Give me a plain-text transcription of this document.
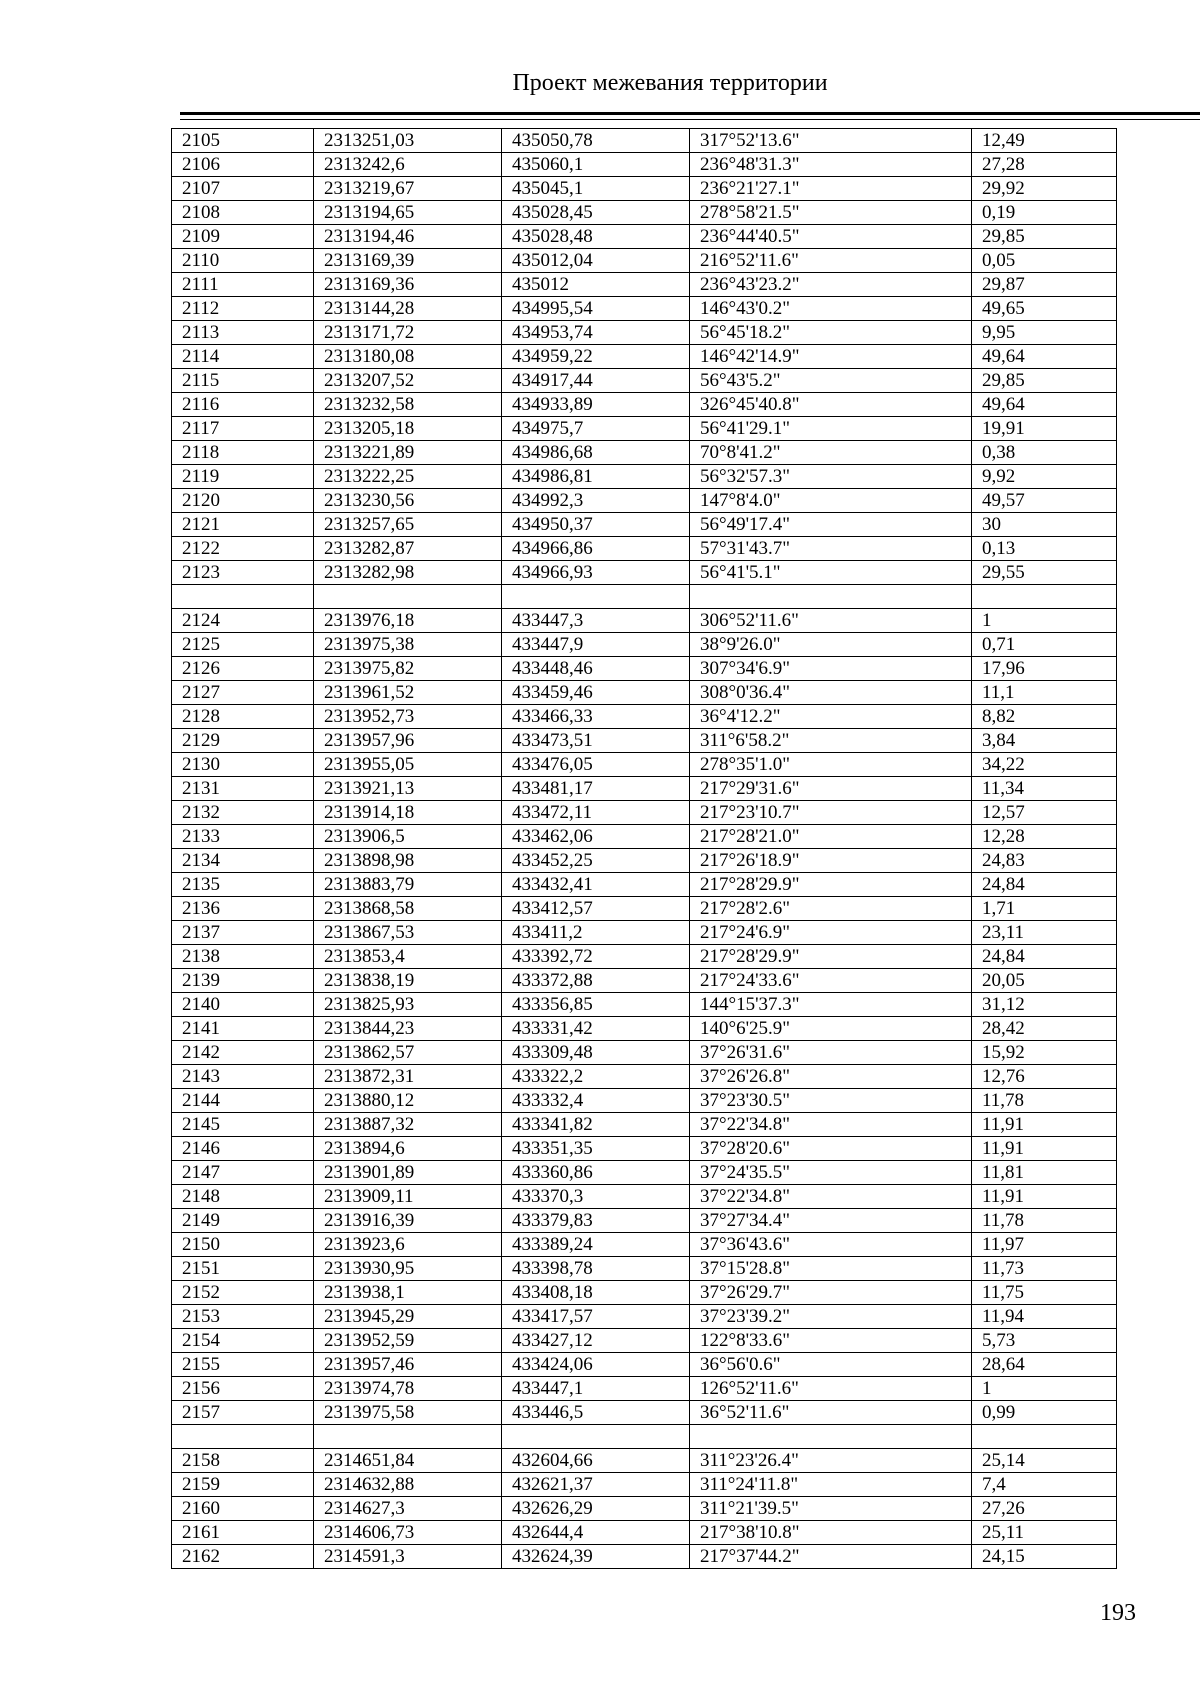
Проект межевания территории
2105	2313251,03	435050,78	317°52'13.6"	12,49
2106	2313242,6	435060,1	236°48'31.3"	27,28
2107	2313219,67	435045,1	236°21'27.1"	29,92
2108	2313194,65	435028,45	278°58'21.5"	0,19
2109	2313194,46	435028,48	236°44'40.5"	29,85
2110	2313169,39	435012,04	216°52'11.6"	0,05
2111	2313169,36	435012	236°43'23.2"	29,87
2112	2313144,28	434995,54	146°43'0.2"	49,65
2113	2313171,72	434953,74	56°45'18.2"	9,95
2114	2313180,08	434959,22	146°42'14.9"	49,64
2115	2313207,52	434917,44	56°43'5.2"	29,85
2116	2313232,58	434933,89	326°45'40.8"	49,64
2117	2313205,18	434975,7	56°41'29.1"	19,91
2118	2313221,89	434986,68	70°8'41.2"	0,38
2119	2313222,25	434986,81	56°32'57.3"	9,92
2120	2313230,56	434992,3	147°8'4.0"	49,57
2121	2313257,65	434950,37	56°49'17.4"	30
2122	2313282,87	434966,86	57°31'43.7"	0,13
2123	2313282,98	434966,93	56°41'5.1"	29,55

2124	2313976,18	433447,3	306°52'11.6"	1
2125	2313975,38	433447,9	38°9'26.0"	0,71
2126	2313975,82	433448,46	307°34'6.9"	17,96
2127	2313961,52	433459,46	308°0'36.4"	11,1
2128	2313952,73	433466,33	36°4'12.2"	8,82
2129	2313957,96	433473,51	311°6'58.2"	3,84
2130	2313955,05	433476,05	278°35'1.0"	34,22
2131	2313921,13	433481,17	217°29'31.6"	11,34
2132	2313914,18	433472,11	217°23'10.7"	12,57
2133	2313906,5	433462,06	217°28'21.0"	12,28
2134	2313898,98	433452,25	217°26'18.9"	24,83
2135	2313883,79	433432,41	217°28'29.9"	24,84
2136	2313868,58	433412,57	217°28'2.6"	1,71
2137	2313867,53	433411,2	217°24'6.9"	23,11
2138	2313853,4	433392,72	217°28'29.9"	24,84
2139	2313838,19	433372,88	217°24'33.6"	20,05
2140	2313825,93	433356,85	144°15'37.3"	31,12
2141	2313844,23	433331,42	140°6'25.9"	28,42
2142	2313862,57	433309,48	37°26'31.6"	15,92
2143	2313872,31	433322,2	37°26'26.8"	12,76
2144	2313880,12	433332,4	37°23'30.5"	11,78
2145	2313887,32	433341,82	37°22'34.8"	11,91
2146	2313894,6	433351,35	37°28'20.6"	11,91
2147	2313901,89	433360,86	37°24'35.5"	11,81
2148	2313909,11	433370,3	37°22'34.8"	11,91
2149	2313916,39	433379,83	37°27'34.4"	11,78
2150	2313923,6	433389,24	37°36'43.6"	11,97
2151	2313930,95	433398,78	37°15'28.8"	11,73
2152	2313938,1	433408,18	37°26'29.7"	11,75
2153	2313945,29	433417,57	37°23'39.2"	11,94
2154	2313952,59	433427,12	122°8'33.6"	5,73
2155	2313957,46	433424,06	36°56'0.6"	28,64
2156	2313974,78	433447,1	126°52'11.6"	1
2157	2313975,58	433446,5	36°52'11.6"	0,99

2158	2314651,84	432604,66	311°23'26.4"	25,14
2159	2314632,88	432621,37	311°24'11.8"	7,4
2160	2314627,3	432626,29	311°21'39.5"	27,26
2161	2314606,73	432644,4	217°38'10.8"	25,11
2162	2314591,3	432624,39	217°37'44.2"	24,15
193
